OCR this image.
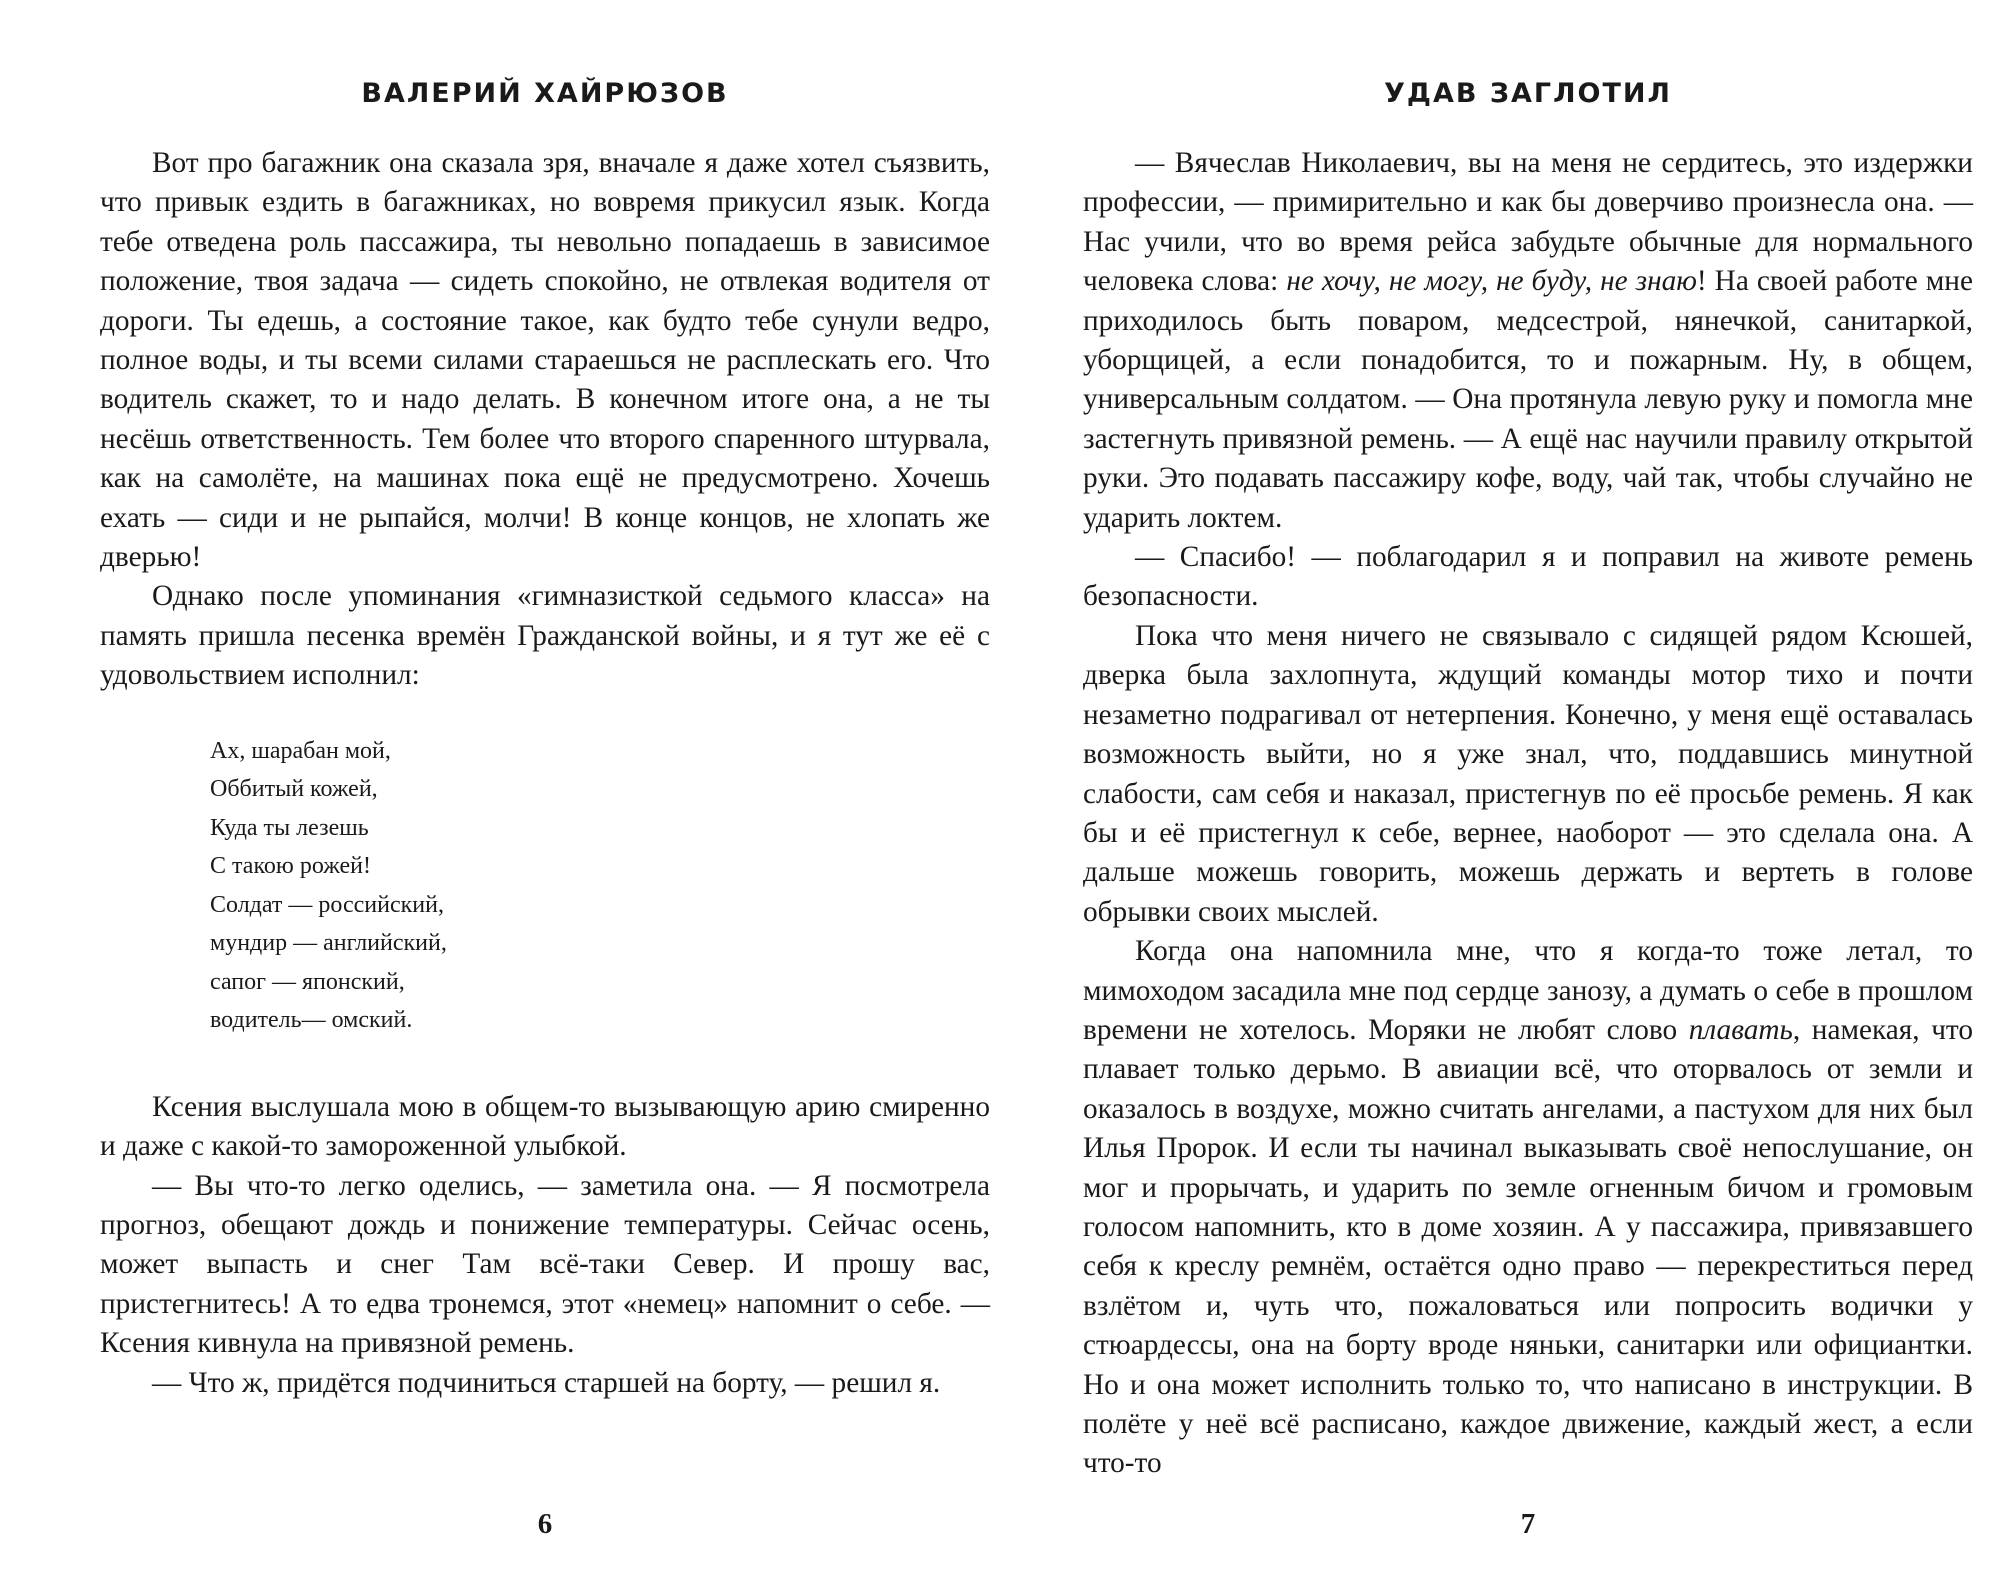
ВАЛЕРИЙ ХАЙРЮЗОВ

Вот про багажник она сказала зря, вначале я даже хотел съязвить, что привык ездить в багажниках, но вовремя прикусил язык. Когда тебе отведена роль пассажира, ты невольно попадаешь в зависимое положение, твоя задача — сидеть спокойно, не отвлекая водителя от дороги. Ты едешь, а состояние такое, как будто тебе сунули ведро, полное воды, и ты всеми силами стараешься не расплескать его. Что водитель скажет, то и надо делать. В конечном итоге она, а не ты несёшь ответственность. Тем более что второго спаренного штурвала, как на самолёте, на машинах пока ещё не предусмотрено. Хочешь ехать — сиди и не рыпайся, молчи! В конце концов, не хлопать же дверью!

Однако после упоминания «гимназисткой седьмого класса» на память пришла песенка времён Гражданской войны, и я тут же её с удовольствием исполнил:

Ах, шарабан мой,
Оббитый кожей,
Куда ты лезешь
С такою рожей!
Солдат — российский,
мундир — английский,
сапог — японский,
водитель— омский.

Ксения выслушала мою в общем-то вызывающую арию смиренно и даже с какой-то замороженной улыбкой.

— Вы что-то легко оделись, — заметила она. — Я посмотрела прогноз, обещают дождь и понижение температуры. Сейчас осень, может выпасть и снег Там всё-таки Север. И прошу вас, пристегнитесь! А то едва тронемся, этот «немец» напомнит о себе. — Ксения кивнула на привязной ремень.

— Что ж, придётся подчиниться старшей на борту, — решил я.

6
УДАВ ЗАГЛОТИЛ

— Вячеслав Николаевич, вы на меня не сердитесь, это издержки профессии, — примирительно и как бы доверчиво произнесла она. — Нас учили, что во время рейса забудьте обычные для нормального человека слова: не хочу, не могу, не буду, не знаю! На своей работе мне приходилось быть поваром, медсестрой, нянечкой, санитаркой, уборщицей, а если понадобится, то и пожарным. Ну, в общем, универсальным солдатом. — Она протянула левую руку и помогла мне застегнуть привязной ремень. — А ещё нас научили правилу открытой руки. Это подавать пассажиру кофе, воду, чай так, чтобы случайно не ударить локтем.

— Спасибо! — поблагодарил я и поправил на животе ремень безопасности.

Пока что меня ничего не связывало с сидящей рядом Ксюшей, дверка была захлопнута, ждущий команды мотор тихо и почти незаметно подрагивал от нетерпения. Конечно, у меня ещё оставалась возможность выйти, но я уже знал, что, поддавшись минутной слабости, сам себя и наказал, пристегнув по её просьбе ремень. Я как бы и её пристегнул к себе, вернее, наоборот — это сделала она. А дальше можешь говорить, можешь держать и вертеть в голове обрывки своих мыслей.

Когда она напомнила мне, что я когда-то тоже летал, то мимоходом засадила мне под сердце занозу, а думать о себе в прошлом времени не хотелось. Моряки не любят слово плавать, намекая, что плавает только дерьмо. В авиации всё, что оторвалось от земли и оказалось в воздухе, можно считать ангелами, а пастухом для них был Илья Пророк. И если ты начинал выказывать своё непослушание, он мог и прорычать, и ударить по земле огненным бичом и громовым голосом напомнить, кто в доме хозяин. А у пассажира, привязавшего себя к креслу ремнём, остаётся одно право — перекреститься перед взлётом и, чуть что, пожаловаться или попросить водички у стюардессы, она на борту вроде няньки, санитарки или официантки. Но и она может исполнить только то, что написано в инструкции. В полёте у неё всё расписано, каждое движение, каждый жест, а если что-то

7
